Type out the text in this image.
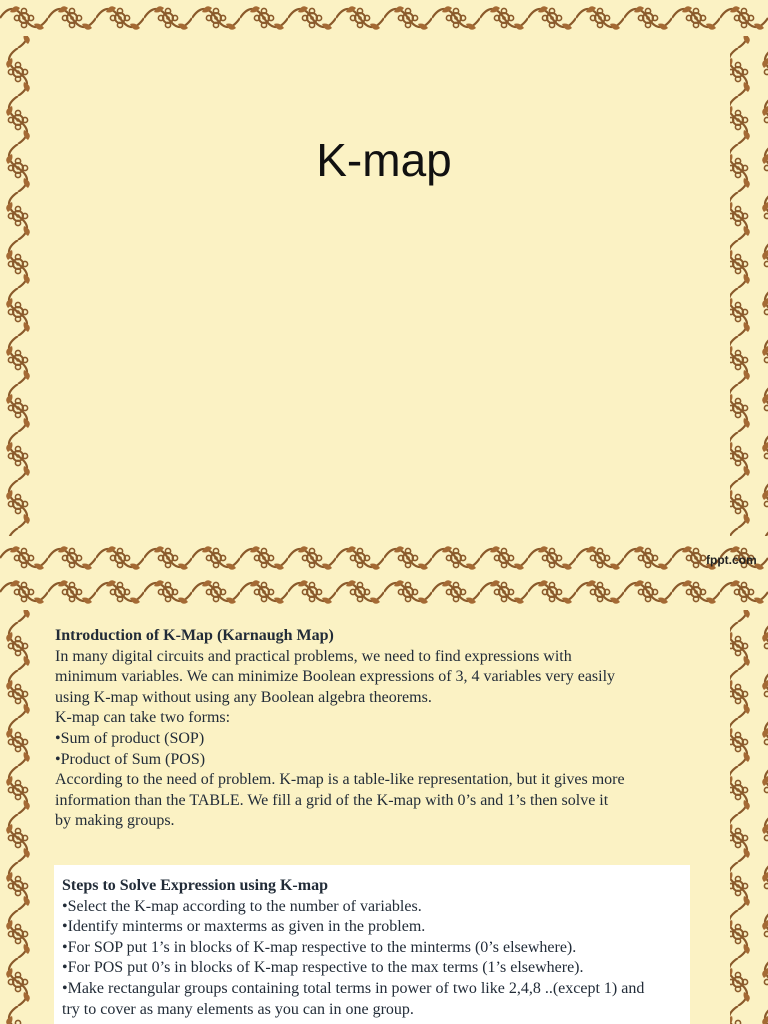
K-map
fppt.com

Introduction of K-Map (Karnaugh Map)

In many digital circuits and practical problems, we need to find expressions with

minimum variables. We can minimize Boolean expressions of 3, 4 variables very easily

using K-map without using any Boolean algebra theorems.

K-map can take two forms:

•Sum of product (SOP)

•Product of Sum (POS)

According to the need of problem. K-map is a table-like representation, but it gives more

information than the TABLE. We fill a grid of the K-map with 0’s and 1’s then solve it

by making groups.

Steps to Solve Expression using K-map

•Select the K-map according to the number of variables.

•Identify minterms or maxterms as given in the problem.

•For SOP put 1’s in blocks of K-map respective to the minterms (0’s elsewhere).

•For POS put 0’s in blocks of K-map respective to the max terms (1’s elsewhere).

•Make rectangular groups containing total terms in power of two like 2,4,8 ..(except 1) and

try to cover as many elements as you can in one group.
